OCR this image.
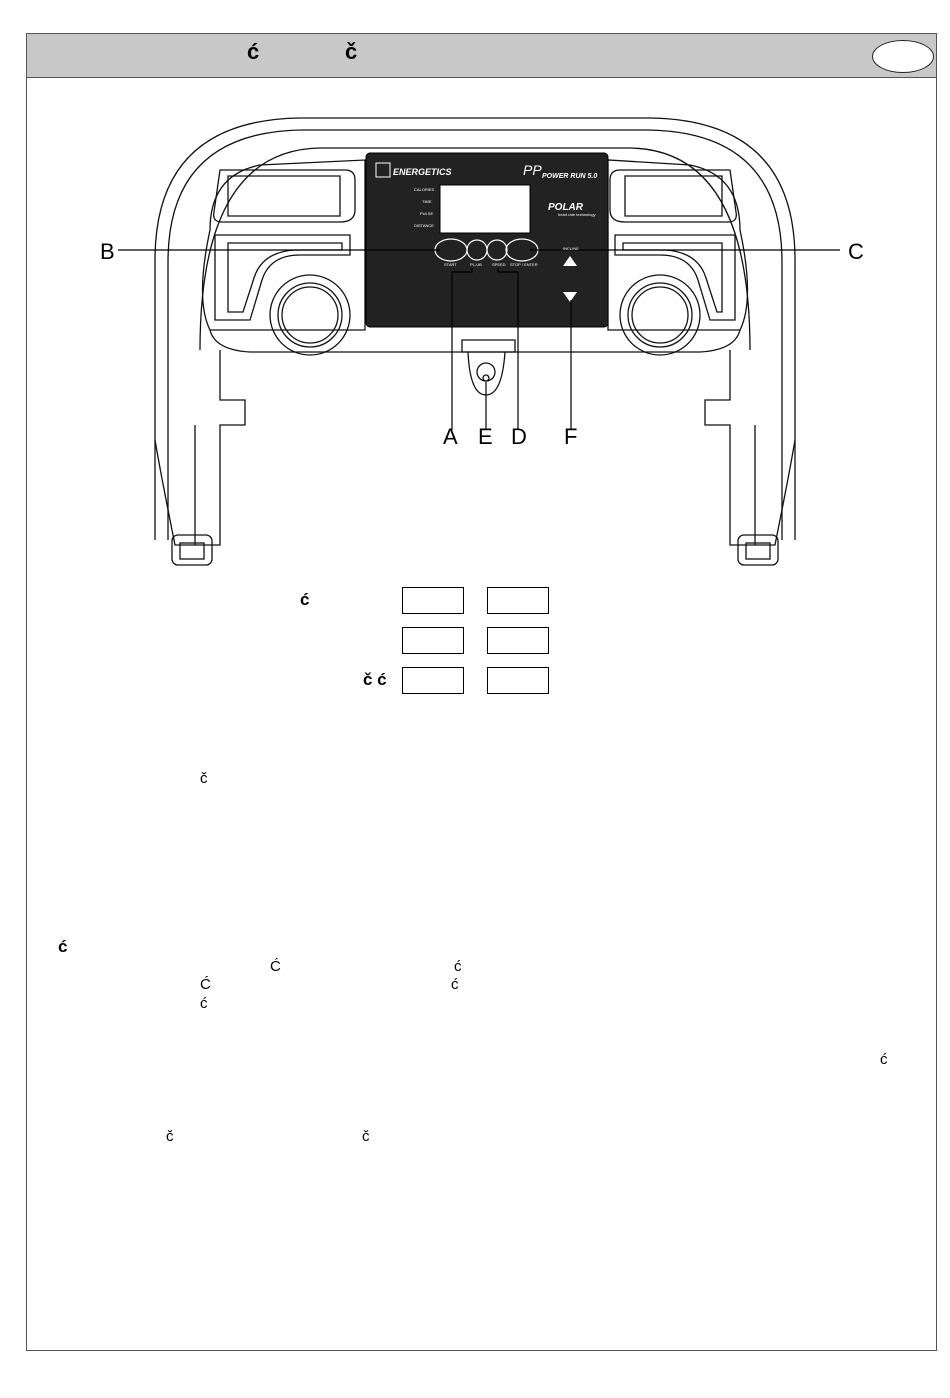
ć	č
ENERGETICS	PP POWER RUN 5.0
POLAR
heart rate technology
CALORIES
TIME
PULSE
DISTANCE
START	PL-UB	SPEED STOP / ENTER
INCLINE
B	C
A E D F
ć
č ć
č
ć
Ć	ć
Ć	ć
ć
ć
č	č
